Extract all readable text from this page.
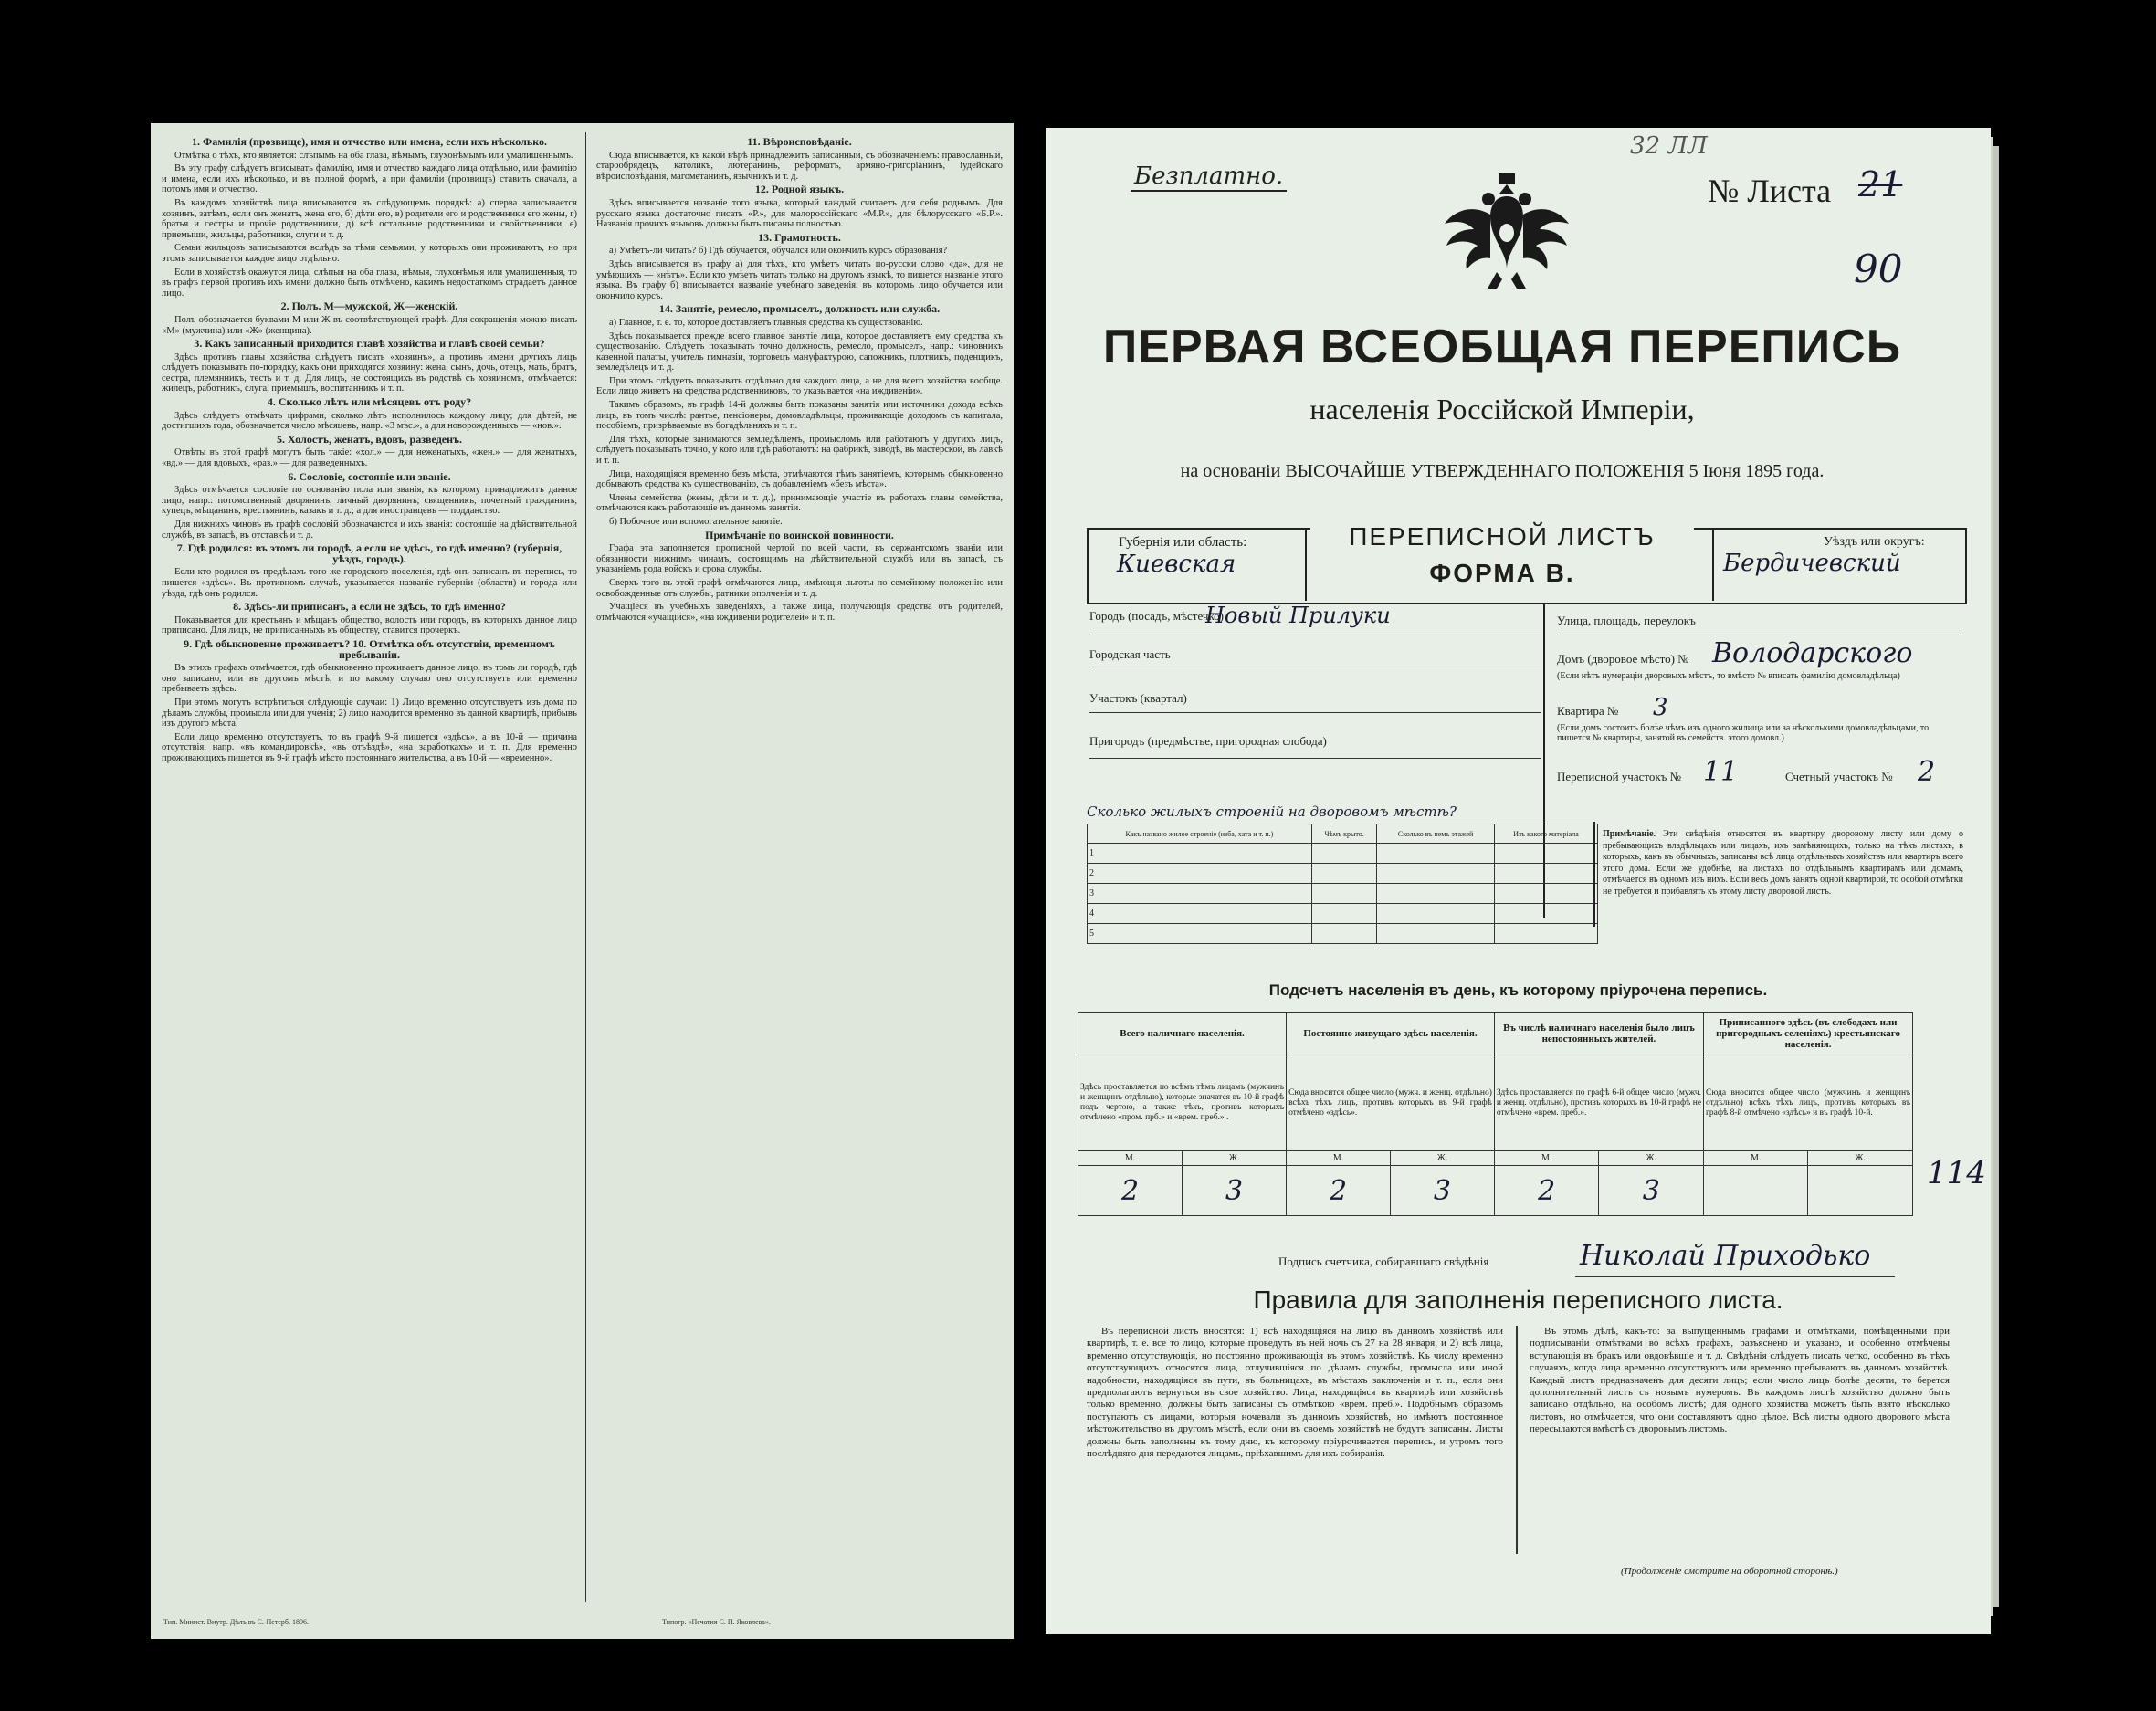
1. Фамилія (прозвище), имя и отчество или имена, если ихъ нѣсколько.

Отмѣтка о тѣхъ, кто является: слѣпымъ на оба глаза, нѣмымъ, глухонѣмымъ или умалишеннымъ.

Въ эту графу слѣдуетъ вписывать фамилію, имя и отчество каждаго лица отдѣльно, или фамилію и имена, если ихъ нѣсколько, и въ полной формѣ, а при фамиліи (прозвищѣ) ставить сначала, а потомъ имя и отчество.

Въ каждомъ хозяйствѣ лица вписываются въ слѣдующемъ порядкѣ: а) сперва записывается хозяинъ, затѣмъ, если онъ женатъ, жена его, б) дѣти его, в) родители его и родственники его жены, г) братья и сестры и прочіе родственники, д) всѣ остальные родственники и свойственники, е) приемыши, жильцы, работники, слуги и т. д.

Семьи жильцовъ записываются вслѣдъ за тѣми семьями, у которыхъ они проживаютъ, но при этомъ записывается каждое лицо отдѣльно.

Если в хозяйствѣ окажутся лица, слѣпыя на оба глаза, нѣмыя, глухонѣмыя или умалишенныя, то въ графѣ первой противъ ихъ имени должно быть отмѣчено, какимъ недостаткомъ страдаетъ данное лицо.

2. Полъ. М—мужской, Ж—женскій.

Полъ обозначается буквами М или Ж въ соотвѣтствующей графѣ. Для сокращенія можно писать «М» (мужчина) или «Ж» (женщина).

3. Какъ записанный приходится главѣ хозяйства и главѣ своей семьи?

Здѣсь противъ главы хозяйства слѣдуетъ писать «хозяинъ», а противъ имени другихъ лицъ слѣдуетъ показывать по-порядку, какъ они приходятся хозяину: жена, сынъ, дочь, отецъ, мать, братъ, сестра, племянникъ, тесть и т. д. Для лицъ, не состоящихъ въ родствѣ съ хозяиномъ, отмѣчается: жилецъ, работникъ, слуга, приемышъ, воспитанникъ и т. п.

4. Сколько лѣтъ или мѣсяцевъ отъ роду?

Здѣсь слѣдуетъ отмѣчать цифрами, сколько лѣтъ исполнилось каждому лицу; для дѣтей, не достигшихъ года, обозначается число мѣсяцевъ, напр. «3 мѣс.», а для новорожденныхъ — «нов.».

5. Холостъ, женатъ, вдовъ, разведенъ.

Отвѣты въ этой графѣ могутъ быть такіе: «хол.» — для неженатыхъ, «жен.» — для женатыхъ, «вд.» — для вдовыхъ, «раз.» — для разведенныхъ.

6. Сословіе, состояніе или званіе.

Здѣсь отмѣчается сословіе по основанію пола или званія, къ которому принадлежитъ данное лицо, напр.: потомственный дворянинъ, личный дворянинъ, священникъ, почетный гражданинъ, купецъ, мѣщанинъ, крестьянинъ, казакъ и т. д.; а для иностранцевъ — подданство.

Для нижнихъ чиновъ въ графѣ сословій обозначаются и ихъ званія: состоящіе на дѣйствительной службѣ, въ запасѣ, въ отставкѣ и т. д.

7. Гдѣ родился: въ этомъ ли городѣ, а если не здѣсь, то гдѣ именно? (губернія, уѣздъ, городъ).

Если кто родился въ предѣлахъ того же городского поселенія, гдѣ онъ записанъ въ перепись, то пишется «здѣсь». Въ противномъ случаѣ, указывается названіе губерніи (области) и города или уѣзда, гдѣ онъ родился.

8. Здѣсь-ли приписанъ, а если не здѣсь, то гдѣ именно?

Показывается для крестьянъ и мѣщанъ общество, волость или городъ, въ которыхъ данное лицо приписано. Для лицъ, не приписанныхъ къ обществу, ставится прочеркъ.

9. Гдѣ обыкновенно проживаетъ? 10. Отмѣтка объ отсутствіи, временномъ пребываніи.

Въ этихъ графахъ отмѣчается, гдѣ обыкновенно проживаетъ данное лицо, въ томъ ли городѣ, гдѣ оно записано, или въ другомъ мѣстѣ; и по какому случаю оно отсутствуетъ или временно пребываетъ здѣсь.

При этомъ могутъ встрѣтиться слѣдующіе случаи: 1) Лицо временно отсутствуетъ изъ дома по дѣламъ службы, промысла или для ученія; 2) лицо находится временно въ данной квартирѣ, прибывъ изъ другого мѣста.

Если лицо временно отсутствуетъ, то въ графѣ 9-й пишется «здѣсь», а въ 10-й — причина отсутствія, напр. «въ командировкѣ», «въ отъѣздѣ», «на заработкахъ» и т. п. Для временно проживающихъ пишется въ 9-й графѣ мѣсто постояннаго жительства, а въ 10-й — «временно».

11. Вѣроисповѣданіе.

Сюда вписывается, къ какой вѣрѣ принадлежитъ записанный, съ обозначеніемъ: православный, старообрядецъ, католикъ, лютеранинъ, реформатъ, армяно-григоріанинъ, іудейскаго вѣроисповѣданія, магометанинъ, язычникъ и т. д.

12. Родной языкъ.

Здѣсь вписывается названіе того языка, который каждый считаетъ для себя роднымъ. Для русскаго языка достаточно писать «Р.», для малороссійскаго «М.Р.», для бѣлорусскаго «Б.Р.». Названія прочихъ языковъ должны быть писаны полностью.

13. Грамотность.

а) Умѣетъ-ли читать? б) Гдѣ обучается, обучался или окончилъ курсъ образованія?

Здѣсь вписывается въ графу а) для тѣхъ, кто умѣетъ читать по-русски слово «да», для не умѣющихъ — «нѣтъ». Если кто умѣетъ читать только на другомъ языкѣ, то пишется названіе этого языка. Въ графу б) вписывается названіе учебнаго заведенія, въ которомъ лицо обучается или окончило курсъ.

14. Занятіе, ремесло, промыселъ, должность или служба.

а) Главное, т. е. то, которое доставляетъ главныя средства къ существованію.

Здѣсь показывается прежде всего главное занятіе лица, которое доставляетъ ему средства къ существованію. Слѣдуетъ показывать точно должность, ремесло, промыселъ, напр.: чиновникъ казенной палаты, учитель гимназіи, торговецъ мануфактурою, сапожникъ, плотникъ, поденщикъ, земледѣлецъ и т. д.

При этомъ слѣдуетъ показывать отдѣльно для каждого лица, а не для всего хозяйства вообще. Если лицо живетъ на средства родственниковъ, то указывается «на иждивеніи».

Такимъ образомъ, въ графѣ 14-й должны быть показаны занятія или источники дохода всѣхъ лицъ, въ томъ числѣ: рантье, пенсіонеры, домовладѣльцы, проживающіе доходомъ съ капитала, пособіемъ, призрѣваемые въ богадѣльняхъ и т. п.

Для тѣхъ, которые занимаются земледѣліемъ, промысломъ или работаютъ у другихъ лицъ, слѣдуетъ показывать точно, у кого или гдѣ работаютъ: на фабрикѣ, заводѣ, въ мастерской, въ лавкѣ и т. п.

Лица, находящіяся временно безъ мѣста, отмѣчаются тѣмъ занятіемъ, которымъ обыкновенно добываютъ средства къ существованію, съ добавленіемъ «безъ мѣста».

Члены семейства (жены, дѣти и т. д.), принимающіе участіе въ работахъ главы семейства, отмѣчаются какъ работающіе въ данномъ занятіи.

б) Побочное или вспомогательное занятіе.

Примѣчаніе по воинской повинности.

Графа эта заполняется прописной чертой по всей части, въ сержантскомъ званіи или обязанности нижнимъ чинамъ, состоящимъ на дѣйствительной службѣ или въ запасѣ, съ указаніемъ рода войскъ и срока службы.

Сверхъ того въ этой графѣ отмѣчаются лица, имѣющія льготы по семейному положенію или освобожденные отъ службы, ратники ополченія и т. д.

Учащіеся въ учебныхъ заведеніяхъ, а также лица, получающія средства отъ родителей, отмѣчаются «учащійся», «на иждивеніи родителей» и т. п.

Тип. Минист. Внутр. Дѣлъ въ С.-Петерб. 1896.	Типогр. «Печатня С. П. Яковлева».
Безплатно.	№ Листа 21
32 ЛЛ
90
ПЕРВАЯ ВСЕОБЩАЯ ПЕРЕПИСЬ
населенія Россійской Имперіи,
на основаніи ВЫСОЧАЙШЕ УТВЕРЖДЕННАГО ПОЛОЖЕНІЯ 5 Іюня 1895 года.
Губернія или область:
Киевская
ПЕРЕПИСНОЙ ЛИСТЪ
ФОРМА В.
Уѣздъ или округъ:
Бердичевский
Городъ (посадъ, мѣстечко)
Новый Прилуки
Городская часть
Участокъ (квартал)
Пригородъ (предмѣстье, пригородная слобода)
Улица, площадь, переулокъ
Домъ (дворовое мѣсто) № Володарского
(Если нѣтъ нумераціи дворовыхъ мѣстъ, то вмѣсто № вписать фамилію домовладѣльца)
Квартира № 3
(Если домъ состоитъ болѣе чѣмъ изъ одного жилища или за нѣсколькими домовладѣльцами, то пишется № квартиры, занятой въ семейств. этого домовл.)
Переписной участокъ № 11	Счетный участокъ № 2
Сколько жилыхъ строеній на дворовомъ мѣстѣ?
Какъ названо жилое строеніе (изба, хата и т. п.)	Чѣмъ крыто.	Сколько въ немъ этажей	Изъ какого матеріала
1			
2			
3			
4			
5			
Примѣчаніе. Эти свѣдѣнія относятся въ квартиру дворовому листу или дому о пребывающихъ владѣльцахъ или лицахъ, ихъ замѣняющихъ, только на тѣхъ листахъ, в которыхъ, какъ въ обычныхъ, записаны всѣ лица отдѣльныхъ хозяйствъ или квартиръ всего этого дома. Если же удобнѣе, на листахъ по отдѣльнымъ квартирамъ или домамъ, отмѣчается въ одномъ изъ нихъ. Если весь домъ занятъ одной квартирой, то особой отмѣтки не требуется и прибавлять къ этому листу дворовой листъ.
Подсчетъ населенія въ день, къ которому пріурочена перепись.
Всего наличнаго населенія.		Постоянно живущаго здѣсь населенія.		Въ числѣ наличнаго населенія было лицъ непостоянныхъ жителей.		Приписанного здѣсь (въ слободахъ или пригородныхъ селеніяхъ) крестьянскаго населенія.	
Здѣсь проставляется по всѣмъ тѣмъ лицамъ (мужчинъ и женщинъ отдѣльно), которые значатся въ 10-й графѣ подъ чертою, а также тѣхъ, противъ которыхъ отмѣчено «пром. прб.» и «врем. преб.» .		Сюда вносится общее число (мужч. и женщ. отдѣльно) всѣхъ тѣхъ лицъ, противъ которыхъ въ 9-й графѣ отмѣчено «здѣсь».		Здѣсь проставляется по графѣ 6-й общее число (мужч. и женщ. отдѣльно), противъ которыхъ въ 10-й графѣ не отмѣчено «врем. преб.».		Сюда вносится общее число (мужчинъ и женщинъ отдѣльно) всѣхъ тѣхъ лицъ, противъ которыхъ въ графѣ 8-й отмѣчено «здѣсь» и въ графѣ 10-й.	
М.	Ж.	М.	Ж.	М.	Ж.	М.	Ж.
2	3	2	3	2	3			114
Подпись счетчика, собиравшаго свѣдѣнія	Николай Приходько
Правила для заполненія переписного листа.
Въ переписной листъ вносятся: 1) всѣ находящіяся на лицо въ данномъ хозяйствѣ или квартирѣ, т. е. все то лицо, которые проведутъ въ ней ночь съ 27 на 28 января, и 2) всѣ лица, временно отсутствующія, но постоянно проживающія въ этомъ хозяйствѣ. Къ числу временно отсутствующихъ относятся лица, отлучившіяся по дѣламъ службы, промысла или иной надобности, находящіяся въ пути, въ больницахъ, въ мѣстахъ заключенія и т. п., если они предполагаютъ вернуться въ свое хозяйство. Лица, находящіяся въ квартирѣ или хозяйствѣ только временно, должны быть записаны съ отмѣткою «врем. преб.». Подобнымъ образомъ поступаютъ съ лицами, которыя ночевали въ данномъ хозяйствѣ, но имѣютъ постоянное мѣстожительство въ другомъ мѣстѣ, если они въ своемъ хозяйствѣ не будутъ записаны. Листы должны быть заполнены къ тому дню, къ которому пріурочивается перепись, и утромъ того послѣдняго дня передаются лицамъ, пріѣхавшимъ для ихъ собиранія.
Въ этомъ дѣлѣ, какъ-то: за выпущеннымъ графами и отмѣтками, помѣщенными при подписываніи отмѣтками во всѣхъ графахъ, разъяснено и указано, и особенно отмѣчены вступающія въ бракъ или овдовѣвшіе и т. д. Свѣдѣнія слѣдуетъ писать четко, особенно въ тѣхъ случаяхъ, когда лица временно отсутствуютъ или временно пребываютъ въ данномъ хозяйствѣ. Каждый листъ предназначенъ для десяти лицъ; если число лицъ болѣе десяти, то берется дополнительный листъ съ новымъ нумеромъ. Въ каждомъ листѣ хозяйство должно быть записано отдѣльно, на особомъ листѣ; для одного хозяйства можетъ быть взято нѣсколько листовъ, но отмѣчается, что они составляютъ одно цѣлое. Всѣ листы одного дворового мѣста пересылаются вмѣстѣ съ дворовымъ листомъ.
(Продолженіе смотрите на оборотной сторонѣ.)
